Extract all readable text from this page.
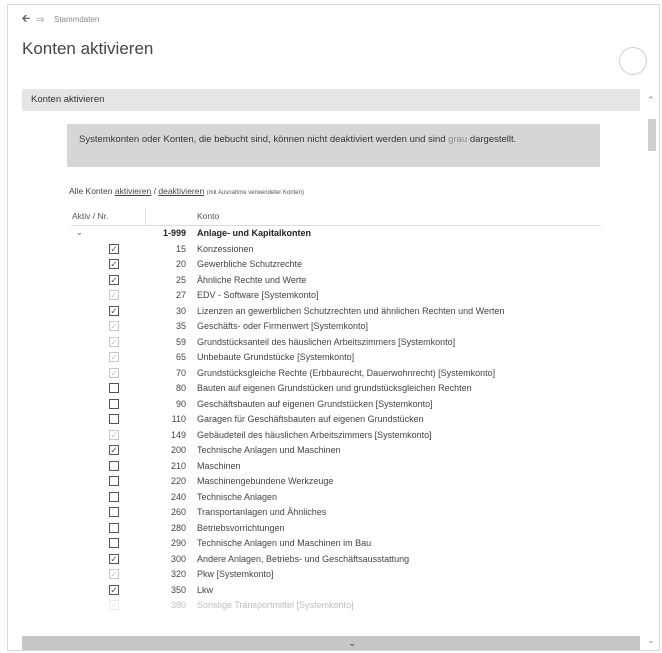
🡰 ⇒ Stammdaten
Konten aktivieren
Konten aktivieren
Systemkonten oder Konten, die bebucht sind, können nicht deaktiviert werden und sind grau dargestellt.
Alle Konten aktivieren / deaktivieren (mit Ausnahme verwendeter Konten)
Aktiv / Nr.	Konto
⌄	1-999 Anlage- und Kapitalkonten
✓	15 Konzessionen
✓	20 Gewerbliche Schutzrechte
✓	25 Ähnliche Rechte und Werte
✓	27 EDV - Software [Systemkonto]
✓	30 Lizenzen an gewerblichen Schutzrechten und ähnlichen Rechten und Werten
✓	35 Geschäfts- oder Firmenwert [Systemkonto]
✓	59 Grundstücksanteil des häuslichen Arbeitszimmers [Systemkonto]
✓	65 Unbebaute Grundstücke [Systemkonto]
✓	70 Grundstücksgleiche Rechte (Erbbaurecht, Dauerwohnrecht) [Systemkonto]
80 Bauten auf eigenen Grundstücken und grundstücksgleichen Rechten
90 Geschäftsbauten auf eigenen Grundstücken [Systemkonto]
110 Garagen für Geschäftsbauten auf eigenen Grundstücken
✓	149 Gebäudeteil des häuslichen Arbeitszimmers [Systemkonto]
✓	200 Technische Anlagen und Maschinen
210 Maschinen
220 Maschinengebundene Werkzeuge
240 Technische Anlagen
260 Transportanlagen und Ähnliches
280 Betriebsvorrichtungen
290 Technische Anlagen und Maschinen im Bau
✓	300 Andere Anlagen, Betriebs- und Geschäftsausstattung
✓	320 Pkw [Systemkonto]
✓	350 Lkw
✓	380 Sonstige Transportmittel [Systemkonto]
⌃
⌄
⌄
